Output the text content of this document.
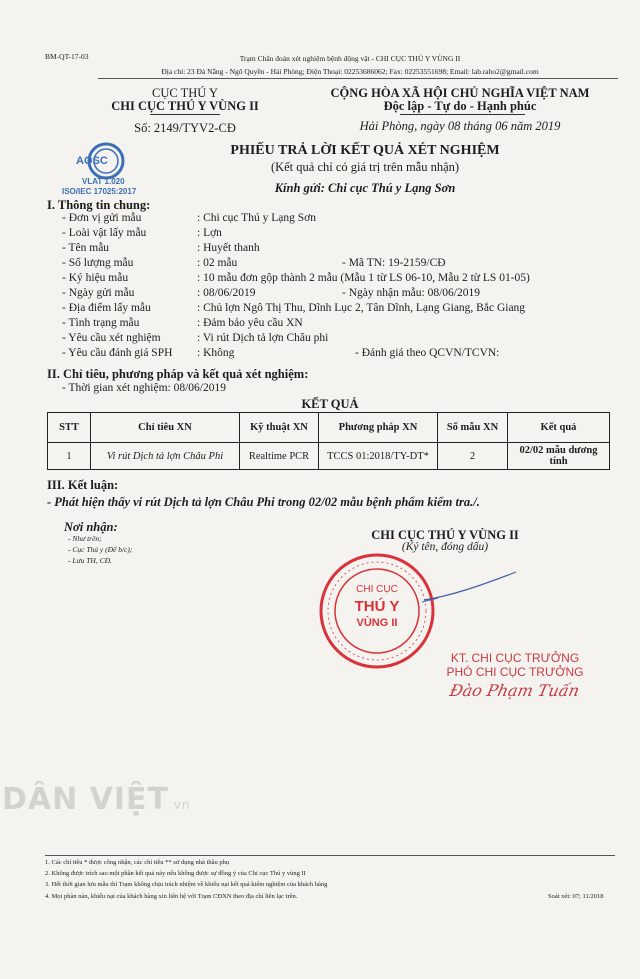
BM-QT-17-03	Trạm Chẩn đoán xét nghiệm bệnh động vật - CHI CỤC THÚ Y VÙNG II
Địa chỉ: 23 Đà Nẵng - Ngô Quyền - Hải Phòng; Điện Thoại: 02253686062; Fax: 02253551698; Email: lab.raho2@gmail.com
CỤC THÚ Y
CHI CỤC THÚ Y VÙNG II
Số: 2149/TYV2-CĐ
CỘNG HÒA XÃ HỘI CHỦ NGHĨA VIỆT NAM
Độc lập - Tự do - Hạnh phúc
Hải Phòng, ngày 08 tháng 06 năm 2019
AOSC
VLAT 1.020
ISO/IEC 17025:2017
PHIẾU TRẢ LỜI KẾT QUẢ XÉT NGHIỆM
(Kết quả chỉ có giá trị trên mẫu nhận)
Kính gửi: Chi cục Thú y Lạng Sơn
I. Thông tin chung:
- Đơn vị gửi mẫu	: Chi cục Thú y Lạng Sơn
- Loài vật lấy mẫu	: Lợn
- Tên mẫu	: Huyết thanh
- Số lượng mẫu	: 02 mẫu	- Mã TN: 19-2159/CĐ
- Ký hiệu mẫu	: 10 mẫu đơn gộp thành 2 mẫu (Mẫu 1 từ LS 06-10, Mẫu 2 từ LS 01-05)
- Ngày gửi mẫu	: 08/06/2019	- Ngày nhận mẫu: 08/06/2019
- Địa điểm lấy mẫu	: Chủ lợn Ngô Thị Thu, Dĩnh Lục 2, Tân Dĩnh, Lạng Giang, Bắc Giang
- Tình trạng mẫu	: Đảm bảo yêu cầu XN
- Yêu cầu xét nghiệm	: Vi rút Dịch tả lợn Châu phi
- Yêu cầu đánh giá SPH : Không	- Đánh giá theo QCVN/TCVN:
II. Chỉ tiêu, phương pháp và kết quả xét nghiệm:
- Thời gian xét nghiệm: 08/06/2019
KẾT QUẢ
STT	Chỉ tiêu XN	Kỹ thuật XN	Phương pháp XN	Số mẫu XN	Kết quả
1	Vi rút Dịch tả lợn Châu Phi	Realtime PCR	TCCS 01:2018/TY-DT*	2	02/02 mẫu dương tính
III. Kết luận:
- Phát hiện thấy vi rút Dịch tả lợn Châu Phi trong 02/02 mẫu bệnh phẩm kiểm tra./.
Nơi nhận:
- Như trên;
- Cục Thú y (Để b/c);
- Lưu TH, CĐ.
CHI CỤC THÚ Y VÙNG II
(Ký tên, đóng dấu)
CHI CỤC
THÚ Y
VÙNG II
KT. CHI CỤC TRƯỞNG
PHÓ CHI CỤC TRƯỞNG
Đào Phạm Tuấn
DÂN VIỆT.vn
1. Các chỉ tiêu * được công nhận, các chỉ tiêu ** sử dụng nhà thầu phụ
2. Không được trích sao một phần kết quả này nếu không được sự đồng ý của Chi cục Thú y vùng II
3. Hết thời gian lưu mẫu thì Trạm không chịu trách nhiệm về khiếu nại kết quả kiểm nghiệm của khách hàng
4. Mọi phàn nàn, khiếu nại của khách hàng xin liên hệ với Trạm CĐXN theo địa chỉ liên lạc trên.	Soát xét: 07; 11/2018
